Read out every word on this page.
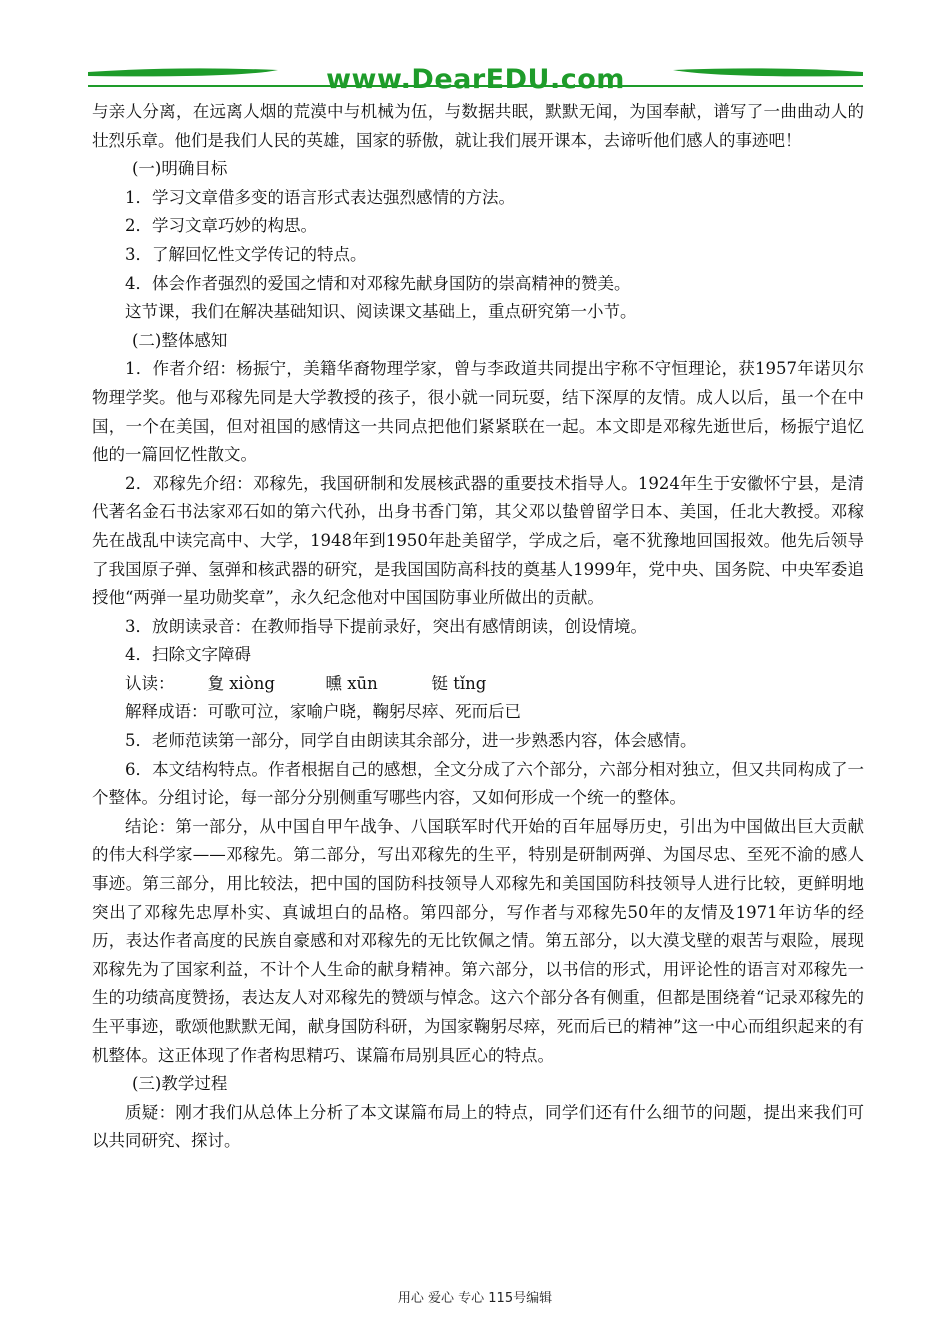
www.DearEDU.com

与亲人分离，在远离人烟的荒漠中与机械为伍，与数据共眠，默默无闻，为国奉献，谱写了一曲曲动人的壮烈乐章。他们是我们人民的英雄，国家的骄傲，就让我们展开课本，去谛听他们感人的事迹吧！

(一)明确目标

1．学习文章借多变的语言形式表达强烈感情的方法。

2．学习文章巧妙的构思。

3．了解回忆性文学传记的特点。

4．体会作者强烈的爱国之情和对邓稼先献身国防的崇高精神的赞美。

这节课，我们在解决基础知识、阅读课文基础上，重点研究第一小节。

(二)整体感知

1．作者介绍：杨振宁，美籍华裔物理学家，曾与李政道共同提出宇称不守恒理论，获1957年诺贝尔物理学奖。他与邓稼先同是大学教授的孩子，很小就一同玩耍，结下深厚的友情。成人以后，虽一个在中国，一个在美国，但对祖国的感情这一共同点把他们紧紧联在一起。本文即是邓稼先逝世后，杨振宁追忆他的一篇回忆性散文。

2．邓稼先介绍：邓稼先，我国研制和发展核武器的重要技术指导人。1924年生于安徽怀宁县，是清代著名金石书法家邓石如的第六代孙，出身书香门第，其父邓以蛰曾留学日本、美国，任北大教授。邓稼先在战乱中读完高中、大学，1948年到1950年赴美留学，学成之后，毫不犹豫地回国报效。他先后领导了我国原子弹、氢弹和核武器的研究，是我国国防高科技的奠基人1999年，党中央、国务院、中央军委追授他“两弹一星功勋奖章”，永久纪念他对中国国防事业所做出的贡献。

3．放朗读录音：在教师指导下提前录好，突出有感情朗读，创设情境。

4．扫除文字障碍

认读： 夐 xiòng	曛 xūn	铤 tǐng

解释成语：可歌可泣，家喻户晓，鞠躬尽瘁、死而后已

5．老师范读第一部分，同学自由朗读其余部分，进一步熟悉内容，体会感情。

6．本文结构特点。作者根据自己的感想，全文分成了六个部分，六部分相对独立，但又共同构成了一个整体。分组讨论，每一部分分别侧重写哪些内容，又如何形成一个统一的整体。

结论：第一部分，从中国自甲午战争、八国联军时代开始的百年屈辱历史，引出为中国做出巨大贡献的伟大科学家——邓稼先。第二部分，写出邓稼先的生平，特别是研制两弹、为国尽忠、至死不渝的感人事迹。第三部分，用比较法，把中国的国防科技领导人邓稼先和美国国防科技领导人进行比较，更鲜明地突出了邓稼先忠厚朴实、真诚坦白的品格。第四部分，写作者与邓稼先50年的友情及1971年访华的经历，表达作者高度的民族自豪感和对邓稼先的无比钦佩之情。第五部分，以大漠戈壁的艰苦与艰险，展现邓稼先为了国家利益，不计个人生命的献身精神。第六部分，以书信的形式，用评论性的语言对邓稼先一生的功绩高度赞扬，表达友人对邓稼先的赞颂与悼念。这六个部分各有侧重，但都是围绕着“记录邓稼先的生平事迹，歌颂他默默无闻，献身国防科研，为国家鞠躬尽瘁，死而后已的精神”这一中心而组织起来的有机整体。这正体现了作者构思精巧、谋篇布局别具匠心的特点。

(三)教学过程

质疑：刚才我们从总体上分析了本文谋篇布局上的特点，同学们还有什么细节的问题，提出来我们可以共同研究、探讨。

用心 爱心 专心 115号编辑
